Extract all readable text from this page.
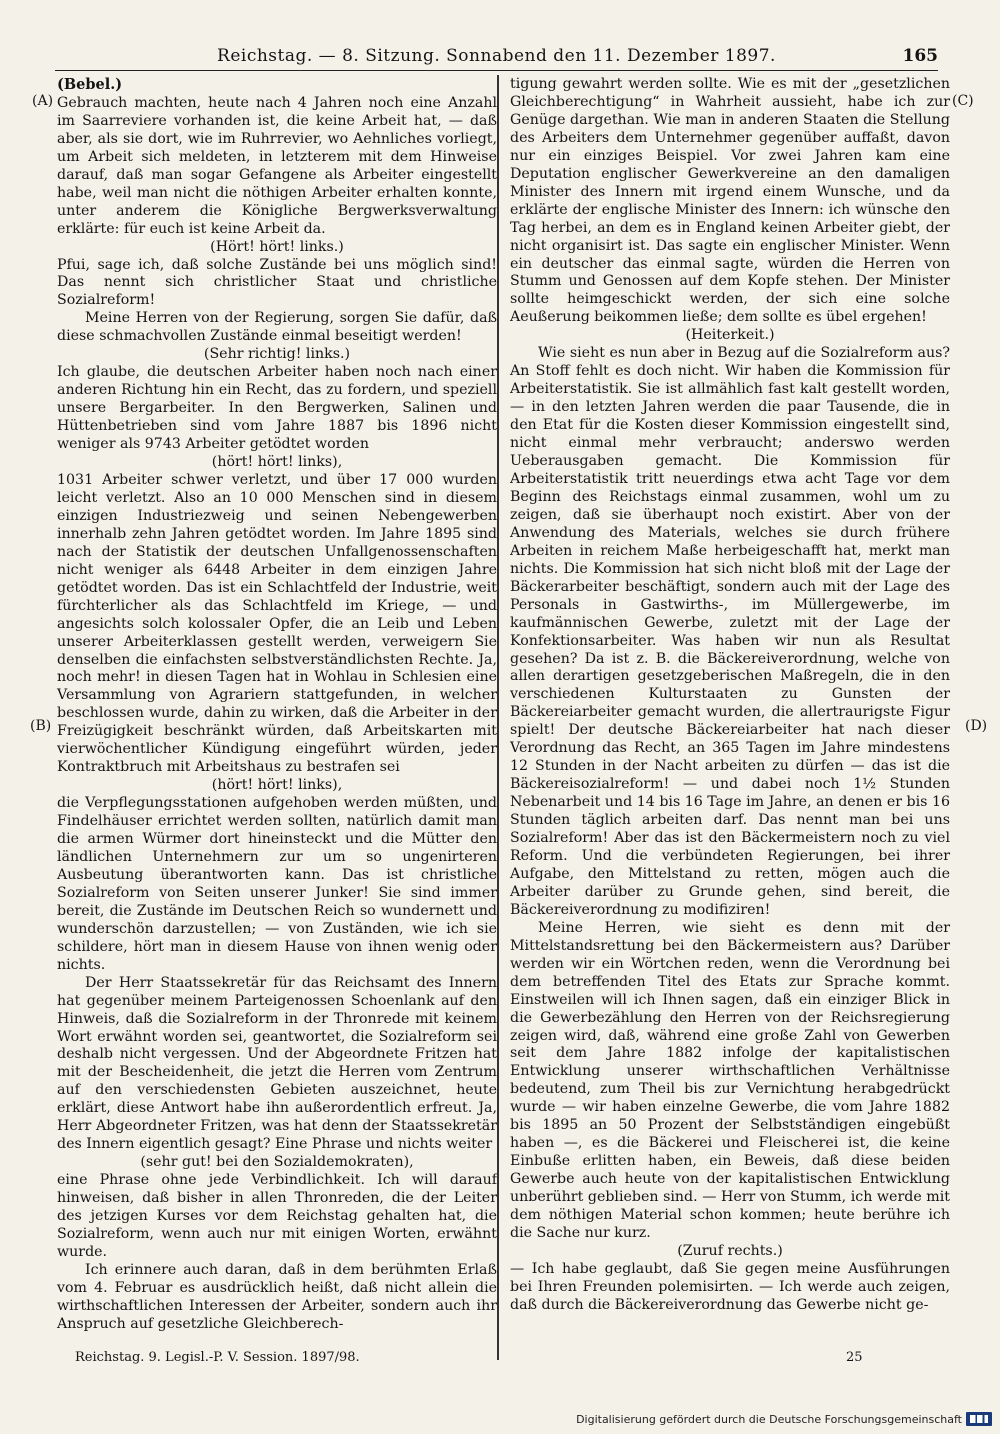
Reichstag. — 8. Sitzung. Sonnabend den 11. Dezember 1897.	165
(A)
(B)
(C)
(D)
(Bebel.)

Gebrauch machten, heute nach 4 Jahren noch eine Anzahl im Saarreviere vorhanden ist, die keine Arbeit hat, — daß aber, als sie dort, wie im Ruhrrevier, wo Aehnliches vorliegt, um Arbeit sich meldeten, in letzterem mit dem Hinweise darauf, daß man sogar Gefangene als Arbeiter eingestellt habe, weil man nicht die nöthigen Arbeiter erhalten konnte, unter anderem die Königliche Bergwerksverwaltung erklärte: für euch ist keine Arbeit da.

(Hört! hört! links.)

Pfui, sage ich, daß solche Zustände bei uns möglich sind! Das nennt sich christlicher Staat und christliche Sozialreform!

Meine Herren von der Regierung, sorgen Sie dafür, daß diese schmachvollen Zustände einmal beseitigt werden!

(Sehr richtig! links.)

Ich glaube, die deutschen Arbeiter haben noch nach einer anderen Richtung hin ein Recht, das zu fordern, und speziell unsere Bergarbeiter. In den Bergwerken, Salinen und Hüttenbetrieben sind vom Jahre 1887 bis 1896 nicht weniger als 9743 Arbeiter getödtet worden

(hört! hört! links),

1031 Arbeiter schwer verletzt, und über 17 000 wurden leicht verletzt. Also an 10 000 Menschen sind in diesem einzigen Industriezweig und seinen Nebengewerben innerhalb zehn Jahren getödtet worden. Im Jahre 1895 sind nach der Statistik der deutschen Unfallgenossenschaften nicht weniger als 6448 Arbeiter in dem einzigen Jahre getödtet worden. Das ist ein Schlachtfeld der Industrie, weit fürchterlicher als das Schlachtfeld im Kriege, — und angesichts solch kolossaler Opfer, die an Leib und Leben unserer Arbeiterklassen gestellt werden, verweigern Sie denselben die einfachsten selbstverständlichsten Rechte. Ja, noch mehr! in diesen Tagen hat in Wohlau in Schlesien eine Versammlung von Agrariern stattgefunden, in welcher beschlossen wurde, dahin zu wirken, daß die Arbeiter in der Freizügigkeit beschränkt würden, daß Arbeitskarten mit vierwöchentlicher Kündigung eingeführt würden, jeder Kontraktbruch mit Arbeitshaus zu bestrafen sei

(hört! hört! links),

die Verpflegungsstationen aufgehoben werden müßten, und Findelhäuser errichtet werden sollten, natürlich damit man die armen Würmer dort hineinsteckt und die Mütter den ländlichen Unternehmern zur um so ungenirteren Ausbeutung überantworten kann. Das ist christliche Sozialreform von Seiten unserer Junker! Sie sind immer bereit, die Zustände im Deutschen Reich so wundernett und wunderschön darzustellen; — von Zuständen, wie ich sie schildere, hört man in diesem Hause von ihnen wenig oder nichts.

Der Herr Staatssekretär für das Reichsamt des Innern hat gegenüber meinem Parteigenossen Schoenlank auf den Hinweis, daß die Sozialreform in der Thronrede mit keinem Wort erwähnt worden sei, geantwortet, die Sozialreform sei deshalb nicht vergessen. Und der Abgeordnete Fritzen hat mit der Bescheidenheit, die jetzt die Herren vom Zentrum auf den verschiedensten Gebieten auszeichnet, heute erklärt, diese Antwort habe ihn außerordentlich erfreut. Ja, Herr Abgeordneter Fritzen, was hat denn der Staatssekretär des Innern eigentlich gesagt? Eine Phrase und nichts weiter

(sehr gut! bei den Sozialdemokraten),

eine Phrase ohne jede Verbindlichkeit. Ich will darauf hinweisen, daß bisher in allen Thronreden, die der Leiter des jetzigen Kurses vor dem Reichstag gehalten hat, die Sozialreform, wenn auch nur mit einigen Worten, erwähnt wurde.

Ich erinnere auch daran, daß in dem berühmten Erlaß vom 4. Februar es ausdrücklich heißt, daß nicht allein die wirthschaftlichen Interessen der Arbeiter, sondern auch ihr Anspruch auf gesetzliche Gleichberech-

tigung gewahrt werden sollte. Wie es mit der „gesetzlichen Gleichberechtigung“ in Wahrheit aussieht, habe ich zur Genüge dargethan. Wie man in anderen Staaten die Stellung des Arbeiters dem Unternehmer gegenüber auffaßt, davon nur ein einziges Beispiel. Vor zwei Jahren kam eine Deputation englischer Gewerkvereine an den damaligen Minister des Innern mit irgend einem Wunsche, und da erklärte der englische Minister des Innern: ich wünsche den Tag herbei, an dem es in England keinen Arbeiter giebt, der nicht organisirt ist. Das sagte ein englischer Minister. Wenn ein deutscher das einmal sagte, würden die Herren von Stumm und Genossen auf dem Kopfe stehen. Der Minister sollte heimgeschickt werden, der sich eine solche Aeußerung beikommen ließe; dem sollte es übel ergehen!

(Heiterkeit.)

Wie sieht es nun aber in Bezug auf die Sozialreform aus? An Stoff fehlt es doch nicht. Wir haben die Kommission für Arbeiterstatistik. Sie ist allmählich fast kalt gestellt worden, — in den letzten Jahren werden die paar Tausende, die in den Etat für die Kosten dieser Kommission eingestellt sind, nicht einmal mehr verbraucht; anderswo werden Ueberausgaben gemacht. Die Kommission für Arbeiterstatistik tritt neuerdings etwa acht Tage vor dem Beginn des Reichstags einmal zusammen, wohl um zu zeigen, daß sie überhaupt noch existirt. Aber von der Anwendung des Materials, welches sie durch frühere Arbeiten in reichem Maße herbeigeschafft hat, merkt man nichts. Die Kommission hat sich nicht bloß mit der Lage der Bäckerarbeiter beschäftigt, sondern auch mit der Lage des Personals in Gastwirths-, im Müllergewerbe, im kaufmännischen Gewerbe, zuletzt mit der Lage der Konfektionsarbeiter. Was haben wir nun als Resultat gesehen? Da ist z. B. die Bäckereiverordnung, welche von allen derartigen gesetzgeberischen Maßregeln, die in den verschiedenen Kulturstaaten zu Gunsten der Bäckereiarbeiter gemacht wurden, die allertraurigste Figur spielt! Der deutsche Bäckereiarbeiter hat nach dieser Verordnung das Recht, an 365 Tagen im Jahre mindestens 12 Stunden in der Nacht arbeiten zu dürfen — das ist die Bäckereisozialreform! — und dabei noch 1½ Stunden Nebenarbeit und 14 bis 16 Tage im Jahre, an denen er bis 16 Stunden täglich arbeiten darf. Das nennt man bei uns Sozialreform! Aber das ist den Bäckermeistern noch zu viel Reform. Und die verbündeten Regierungen, bei ihrer Aufgabe, den Mittelstand zu retten, mögen auch die Arbeiter darüber zu Grunde gehen, sind bereit, die Bäckereiverordnung zu modifiziren!

Meine Herren, wie sieht es denn mit der Mittelstandsrettung bei den Bäckermeistern aus? Darüber werden wir ein Wörtchen reden, wenn die Verordnung bei dem betreffenden Titel des Etats zur Sprache kommt. Einstweilen will ich Ihnen sagen, daß ein einziger Blick in die Gewerbezählung den Herren von der Reichsregierung zeigen wird, daß, während eine große Zahl von Gewerben seit dem Jahre 1882 infolge der kapitalistischen Entwicklung unserer wirthschaftlichen Verhältnisse bedeutend, zum Theil bis zur Vernichtung herabgedrückt wurde — wir haben einzelne Gewerbe, die vom Jahre 1882 bis 1895 an 50 Prozent der Selbstständigen eingebüßt haben —, es die Bäckerei und Fleischerei ist, die keine Einbuße erlitten haben, ein Beweis, daß diese beiden Gewerbe auch heute von der kapitalistischen Entwicklung unberührt geblieben sind. — Herr von Stumm, ich werde mit dem nöthigen Material schon kommen; heute berühre ich die Sache nur kurz.

(Zuruf rechts.)

— Ich habe geglaubt, daß Sie gegen meine Ausführungen bei Ihren Freunden polemisirten. — Ich werde auch zeigen, daß durch die Bäckereiverordnung das Gewerbe nicht ge-

Reichstag. 9. Legisl.-P. V. Session. 1897/98.	25
Digitalisierung gefördert durch die Deutsche Forschungsgemeinschaft
